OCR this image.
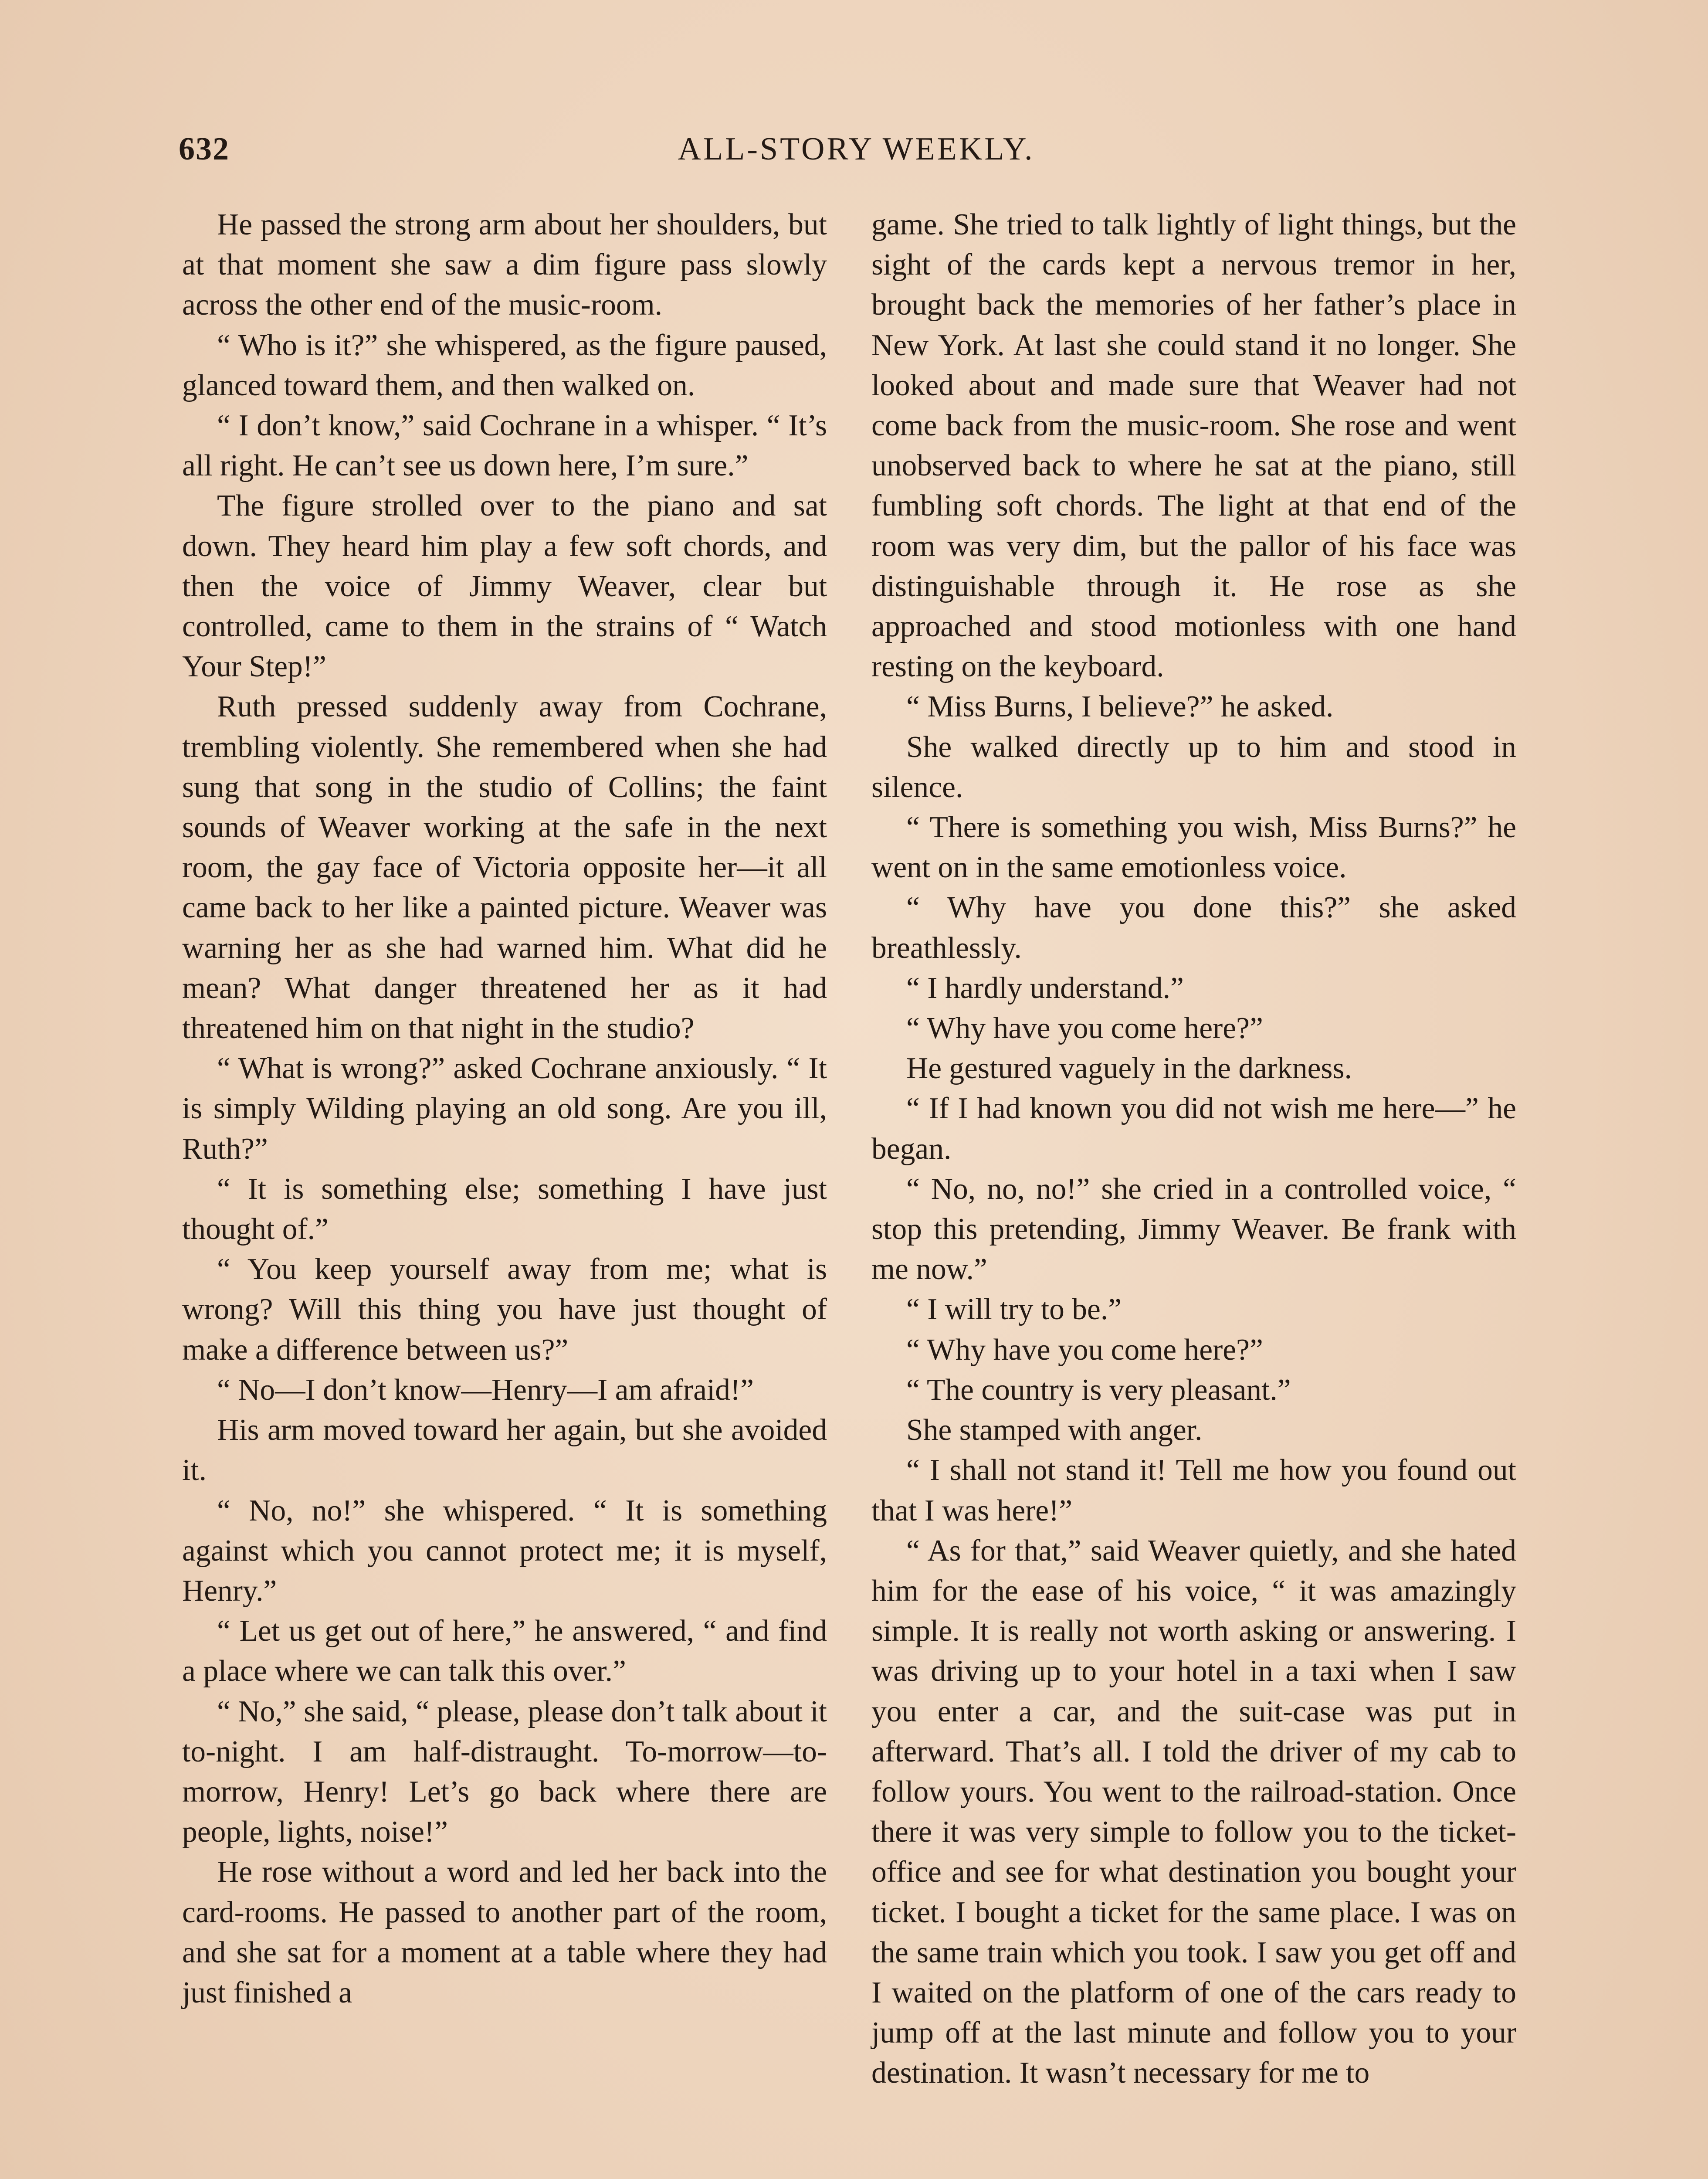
632	ALL-STORY WEEKLY.

He passed the strong arm about her shoulders, but at that moment she saw a dim figure pass slowly across the other end of the music-room.

“ Who is it?” she whispered, as the figure paused, glanced toward them, and then walked on.

“ I don’t know,” said Cochrane in a whisper. “ It’s all right. He can’t see us down here, I’m sure.”

The figure strolled over to the piano and sat down. They heard him play a few soft chords, and then the voice of Jimmy Weaver, clear but controlled, came to them in the strains of “ Watch Your Step!”

Ruth pressed suddenly away from Cochrane, trembling violently. She remembered when she had sung that song in the studio of Collins; the faint sounds of Weaver working at the safe in the next room, the gay face of Victoria opposite her—it all came back to her like a painted picture. Weaver was warning her as she had warned him. What did he mean? What danger threatened her as it had threatened him on that night in the studio?

“ What is wrong?” asked Cochrane anxiously. “ It is simply Wilding playing an old song. Are you ill, Ruth?”

“ It is something else; something I have just thought of.”

“ You keep yourself away from me; what is wrong? Will this thing you have just thought of make a difference between us?”

“ No—I don’t know—Henry—I am afraid!”

His arm moved toward her again, but she avoided it.

“ No, no!” she whispered. “ It is something against which you cannot protect me; it is myself, Henry.”

“ Let us get out of here,” he answered, “ and find a place where we can talk this over.”

“ No,” she said, “ please, please don’t talk about it to-night. I am half-distraught. To-morrow—to-morrow, Henry! Let’s go back where there are people, lights, noise!”

He rose without a word and led her back into the card-rooms. He passed to another part of the room, and she sat for a moment at a table where they had just finished a

game. She tried to talk lightly of light things, but the sight of the cards kept a nervous tremor in her, brought back the memories of her father’s place in New York. At last she could stand it no longer. She looked about and made sure that Weaver had not come back from the music-room. She rose and went unobserved back to where he sat at the piano, still fumbling soft chords. The light at that end of the room was very dim, but the pallor of his face was distinguishable through it. He rose as she approached and stood motionless with one hand resting on the keyboard.

“ Miss Burns, I believe?” he asked.

She walked directly up to him and stood in silence.

“ There is something you wish, Miss Burns?” he went on in the same emotionless voice.

“ Why have you done this?” she asked breathlessly.

“ I hardly understand.”

“ Why have you come here?”

He gestured vaguely in the darkness.

“ If I had known you did not wish me here—” he began.

“ No, no, no!” she cried in a controlled voice, “ stop this pretending, Jimmy Weaver. Be frank with me now.”

“ I will try to be.”

“ Why have you come here?”

“ The country is very pleasant.”

She stamped with anger.

“ I shall not stand it! Tell me how you found out that I was here!”

“ As for that,” said Weaver quietly, and she hated him for the ease of his voice, “ it was amazingly simple. It is really not worth asking or answering. I was driving up to your hotel in a taxi when I saw you enter a car, and the suit-case was put in afterward. That’s all. I told the driver of my cab to follow yours. You went to the railroad-station. Once there it was very simple to follow you to the ticket-office and see for what destination you bought your ticket. I bought a ticket for the same place. I was on the same train which you took. I saw you get off and I waited on the platform of one of the cars ready to jump off at the last minute and follow you to your destination. It wasn’t necessary for me to
